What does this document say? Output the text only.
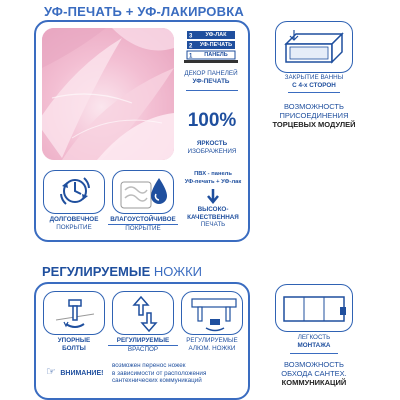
УФ-ПЕЧАТЬ + УФ-ЛАКИРОВКА
РЕГУЛИРУЕМЫЕ НОЖКИ
3
2
1
УФ-ЛАК
УФ-ПЕЧАТЬ
ПАНЕЛЬ
ДЕКОР ПАНЕЛЕЙ
УФ-ПЕЧАТЬ
100%
ЯРКОСТЬ
ИЗОБРАЖЕНИЯ
ДОЛГОВЕЧНОЕ
ПОКРЫТИЕ
ВЛАГОУСТОЙЧИВОЕ
ПОКРЫТИЕ
ПВХ - панель
УФ-печать + УФ-лак
ВЫСОКО-
КАЧЕСТВЕННАЯ
ПЕЧАТЬ
ЗАКРЫТИЕ ВАННЫ
С 4-х СТОРОН
ВОЗМОЖНОСТЬ
ПРИСОЕДИНЕНИЯ
ТОРЦЕВЫХ МОДУЛЕЙ
УПОРНЫЕ
БОЛТЫ
РЕГУЛИРУЕМЫЕ
ВРАСПОР
РЕГУЛИРУЕМЫЕ
АЛЮМ. НОЖКИ
☞ ВНИМАНИЕ!
возможен перенос ножек
в зависимости от расположения
сантехнических коммуникаций
ЛЕГКОСТЬ
МОНТАЖА
ВОЗМОЖНОСТЬ
ОБХОДА САНТЕХ.
КОММУНИКАЦИЙ
